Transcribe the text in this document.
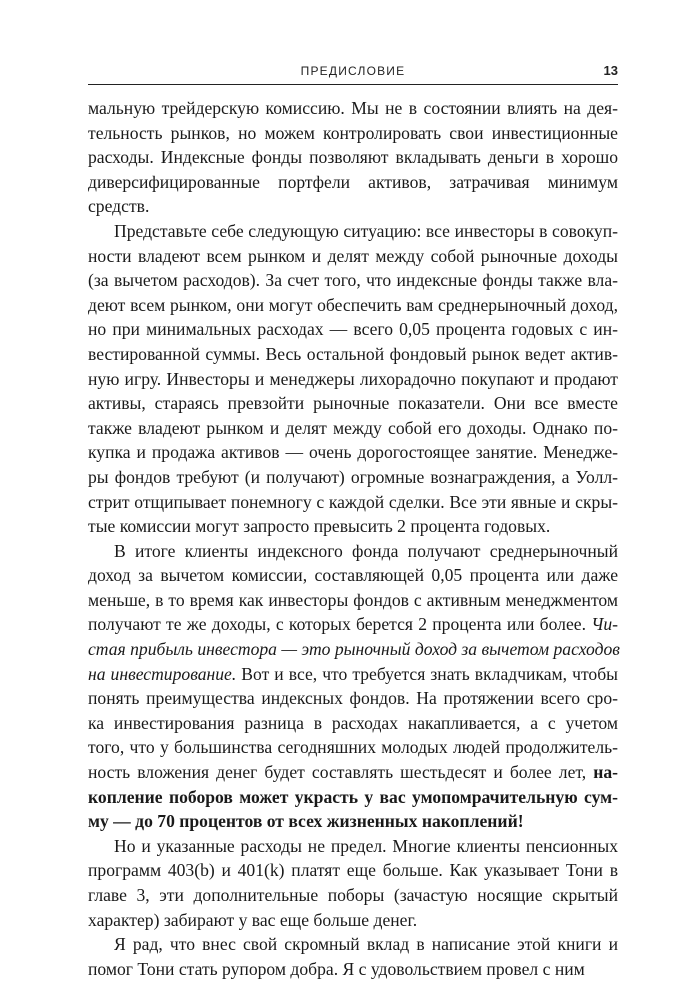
ПРЕДИСЛОВИЕ	13
мальную трейдерскую комиссию. Мы не в состоянии влиять на дея-
тельность рынков, но можем контролировать свои инвестиционные
расходы. Индексные фонды позволяют вкладывать деньги в хорошо
диверсифицированные портфели активов, затрачивая минимум
средств.
Представьте себе следующую ситуацию: все инвесторы в совокуп-
ности владеют всем рынком и делят между собой рыночные доходы
(за вычетом расходов). За счет того, что индексные фонды также вла-
деют всем рынком, они могут обеспечить вам среднерыночный доход,
но при минимальных расходах — всего 0,05 процента годовых с ин-
вестированной суммы. Весь остальной фондовый рынок ведет актив-
ную игру. Инвесторы и менеджеры лихорадочно покупают и продают
активы, стараясь превзойти рыночные показатели. Они все вместе
также владеют рынком и делят между собой его доходы. Однако по-
купка и продажа активов — очень дорогостоящее занятие. Менедже-
ры фондов требуют (и получают) огромные вознаграждения, а Уолл-
стрит отщипывает понемногу с каждой сделки. Все эти явные и скры-
тые комиссии могут запросто превысить 2 процента годовых.
В итоге клиенты индексного фонда получают среднерыночный
доход за вычетом комиссии, составляющей 0,05 процента или даже
меньше, в то время как инвесторы фондов с активным менеджментом
получают те же доходы, с которых берется 2 процента или более. Чи-
стая прибыль инвестора — это рыночный доход за вычетом расходов
на инвестирование. Вот и все, что требуется знать вкладчикам, чтобы
понять преимущества индексных фондов. На протяжении всего сро-
ка инвестирования разница в расходах накапливается, а с учетом
того, что у большинства сегодняшних молодых людей продолжитель-
ность вложения денег будет составлять шестьдесят и более лет, на-
копление поборов может украсть у вас умопомрачительную сум-
му — до 70 процентов от всех жизненных накоплений!
Но и указанные расходы не предел. Многие клиенты пенсионных
программ 403(b) и 401(k) платят еще больше. Как указывает Тони в
главе 3, эти дополнительные поборы (зачастую носящие скрытый
характер) забирают у вас еще больше денег.
Я рад, что внес свой скромный вклад в написание этой книги и
помог Тони стать рупором добра. Я с удовольствием провел с ним
